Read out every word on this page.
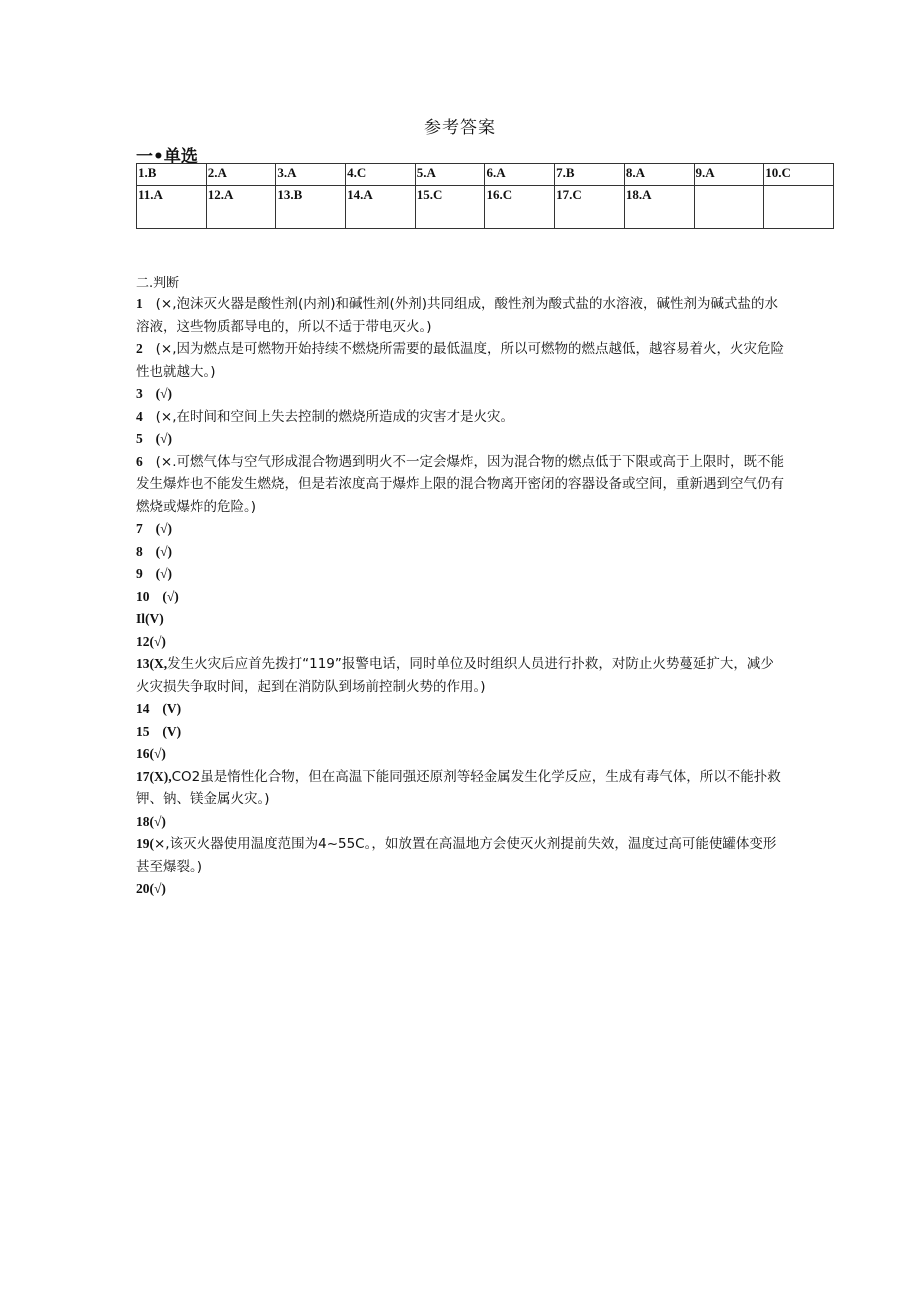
参考答案
一•单选
1.B	2.A	3.A	4.C	5.A	6.A	7.B	8.A	9.A	10.C
11.A	12.A	13.B	14.A	15.C	16.C	17.C	18.A		
二.判断

1 (×,泡沫灭火器是酸性剂(内剂)和碱性剂(外剂)共同组成，酸性剂为酸式盐的水溶液，碱性剂为碱式盐的水溶液，这些物质都导电的，所以不适于带电灭火。)

2 (×,因为燃点是可燃物开始持续不燃烧所需要的最低温度，所以可燃物的燃点越低，越容易着火，火灾危险性也就越大。)

3 (√)

4 (×,在时间和空间上失去控制的燃烧所造成的灾害才是火灾。

5 (√)

6 (×.可燃气体与空气形成混合物遇到明火不一定会爆炸，因为混合物的燃点低于下限或高于上限时，既不能发生爆炸也不能发生燃烧，但是若浓度高于爆炸上限的混合物离开密闭的容器设备或空间，重新遇到空气仍有燃烧或爆炸的危险。)

7 (√)

8 (√)

9 (√)

10 (√)

Il(V)

12(√)

13(X,发生火灾后应首先拨打“119”报警电话，同时单位及时组织人员进行扑救，对防止火势蔓延扩大，减少火灾损失争取时间，起到在消防队到场前控制火势的作用。)

14 (V)

15 (V)

16(√)

17(X),CO2虽是惰性化合物，但在高温下能同强还原剂等轻金属发生化学反应，生成有毒气体，所以不能扑救钾、钠、镁金属火灾。)

18(√)

19(×,该灭火器使用温度范围为4~55C。，如放置在高温地方会使灭火剂提前失效，温度过高可能使罐体变形甚至爆裂。)

20(√)
